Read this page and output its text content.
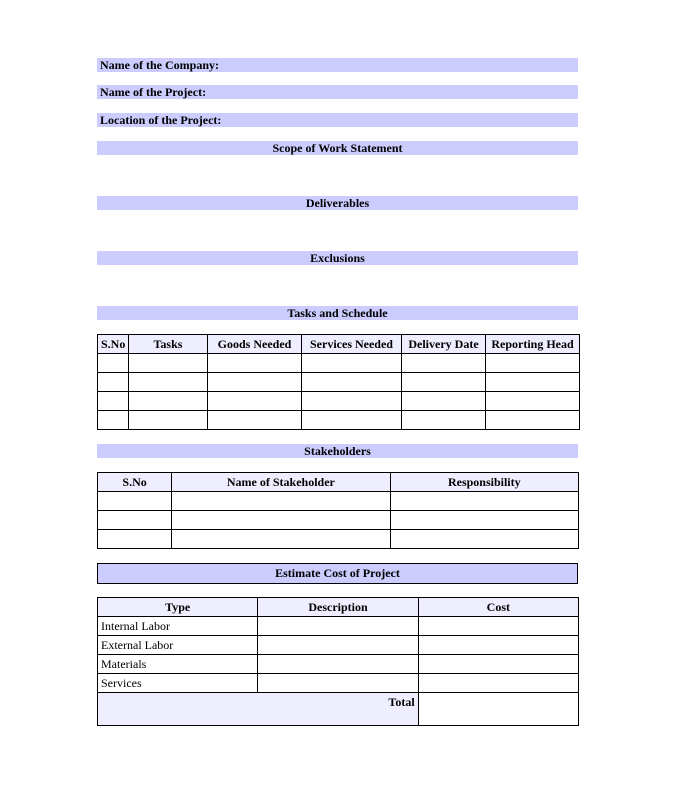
Name of the Company:
Name of the Project:
Location of the Project:
Scope of Work Statement
Deliverables
Exclusions
Tasks and Schedule
S.No	Tasks	Goods Needed	Services Needed	Delivery Date	Reporting Head

Stakeholders
S.No	Name of Stakeholder	Responsibility

Estimate Cost of Project
Type	Description	Cost
Internal Labor		
External Labor		
Materials		
Services		
Total		
